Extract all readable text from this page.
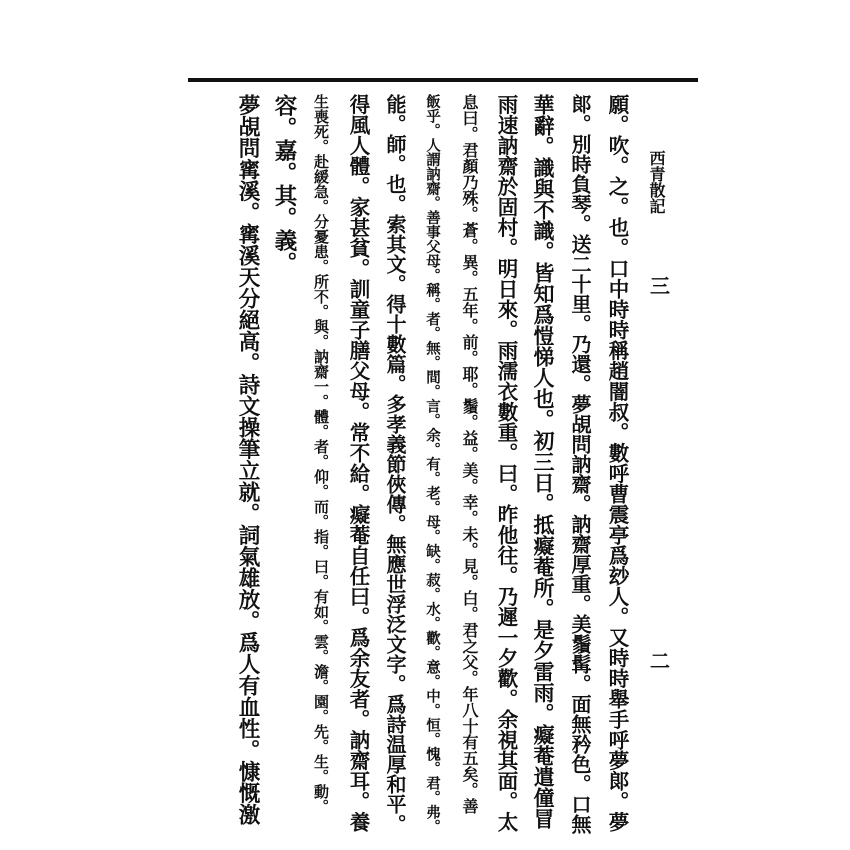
西青散記
三
二
願。吹。之。也。口中時時稱趙闇叔。數呼曹震亭爲玅人。又時時舉手呼夢郞。夢
郞。別時負琴。送二十里。乃還。夢覘問訥齋。訥齋厚重。美鬚髯。面無矜色。口無
華辭。識與不識。皆知爲愷悌人也。初三日。抵癡菴所。是夕雷雨。癡菴遣僮冒
雨速訥齋於固村。明日來。雨濡衣數重。曰。昨他往。乃遲一夕歡。余視其面。太
息曰。君顏乃殊。蒼。異。五年。前。耶。鬚。益。美。幸。未。見。白。君之父。年八十有五矣。善
飯乎。人謂訥齋。善事父母。稱。者。無。間。言。余。有。老。母。缺。菽。水。歡。意。中。恒。愧。君。弗。
能。師。也。索其文。得十數篇。多孝義節俠傳。無應世浮泛文字。爲詩温厚和平。
得風人體。家甚貧。訓童子膳父母。常不給。癡菴自任曰。爲余友者。訥齋耳。養
生喪死。赴緩急。分憂患。所不。與。訥齋一。體。者。仰。而。指。曰。有如。雲。澹。園。先。生。動。
容。嘉。其。義。
夢覘問寗溪。寗溪天分絕高。詩文操筆立就。詞氣雄放。爲人有血性。慷慨激
